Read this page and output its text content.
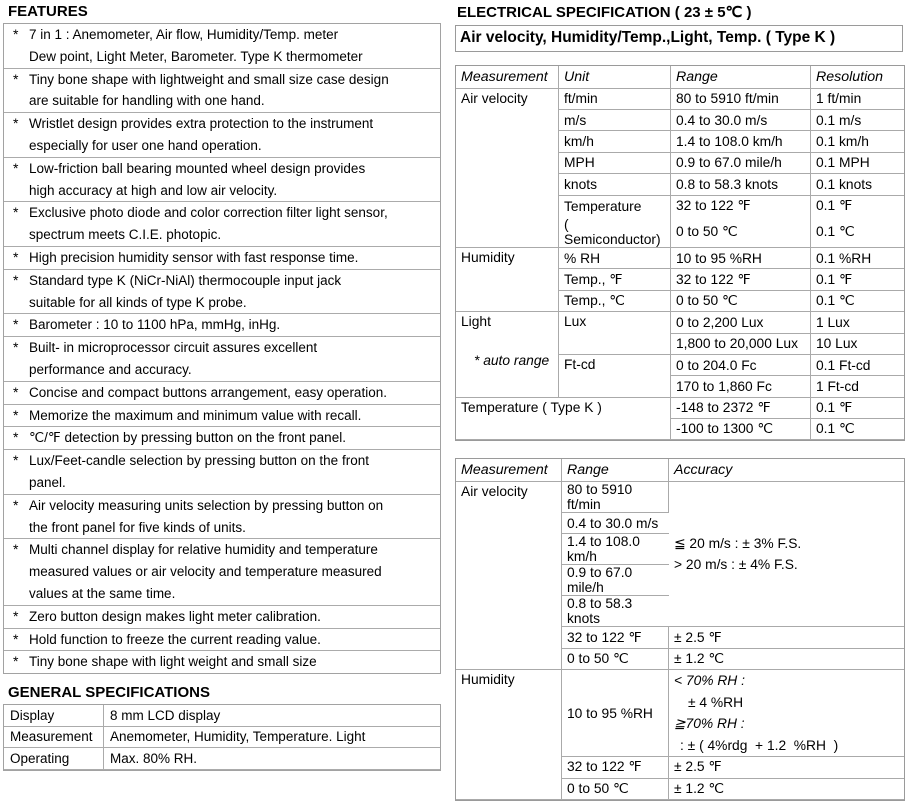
FEATURES
* 7 in 1 : Anemometer, Air flow, Humidity/Temp. meter
Dew point, Light Meter, Barometer. Type K thermometer
* Tiny bone shape with lightweight and small size case design
are suitable for handling with one hand.
* Wristlet design provides extra protection to the instrument
especially for user one hand operation.
* Low-friction ball bearing mounted wheel design provides
high accuracy at high and low air velocity.
* Exclusive photo diode and color correction filter light sensor,
spectrum meets C.I.E. photopic.
* High precision humidity sensor with fast response time.
* Standard type K (NiCr-NiAl) thermocouple input jack
suitable for all kinds of type K probe.
* Barometer : 10 to 1100 hPa, mmHg, inHg.
* Built- in microprocessor circuit assures excellent
performance and accuracy.
* Concise and compact buttons arrangement, easy operation.
* Memorize the maximum and minimum value with recall.
* ℃/℉ detection by pressing button on the front panel.
* Lux/Feet-candle selection by pressing button on the front
panel.
* Air velocity measuring units selection by pressing button on
the front panel for five kinds of units.
* Multi channel display for relative humidity and temperature
measured values or air velocity and temperature measured
values at the same time.
* Zero button design makes light meter calibration.
* Hold function to freeze the current reading value.
* Tiny bone shape with light weight and small size
GENERAL SPECIFICATIONS
Display	8 mm LCD display
Measurement	Anemometer, Humidity, Temperature. Light
Operating	Max. 80% RH.
ELECTRICAL SPECIFICATION ( 23 ± 5℃ )
Air velocity, Humidity/Temp.,Light, Temp. ( Type K )
Measurement	Unit	Range	Resolution
Air velocity	ft/min	80 to 5910 ft/min	1 ft/min
	m/s	0.4 to 30.0 m/s	0.1 m/s
	km/h	1.4 to 108.0 km/h	0.1 km/h
	MPH	0.9 to 67.0 mile/h	0.1 MPH
	knots	0.8 to 58.3 knots	0.1 knots
	Temperature	32 to 122 ℉	0.1 ℉
	( Semiconductor)	0 to 50 ℃	0.1 ℃
Humidity	% RH	10 to 95 %RH	0.1 %RH
	Temp., ℉	32 to 122 ℉	0.1 ℉
	Temp., ℃	0 to 50 ℃	0.1 ℃

Light
* auto range	Lux	0 to 2,200 Lux	1 Lux
		1,800 to 20,000 Lux	10 Lux
	Ft-cd	0 to 204.0 Fc	0.1 Ft-cd
		170 to 1,860 Fc	1 Ft-cd
Temperature ( Type K )		-148 to 2372 ℉	0.1 ℉
		-100 to 1300 ℃	0.1 ℃
Measurement	Range	Accuracy
Air velocity	80 to 5910 ft/min	≦ 20 m/s : ± 3% F.S.
> 20 m/s : ± 4% F.S.

	0.4 to 30.0 m/s	
	1.4 to 108.0 km/h	
	0.9 to 67.0 mile/h	
	0.8 to 58.3 knots	
	32 to 122 ℉	± 2.5 ℉
	0 to 50 ℃	± 1.2 ℃
Humidity	10 to 95 %RH	< 70% RH :
± 4 %RH
≧70% RH :
: ± ( 4%rdg  + 1.2  %RH  )

	32 to 122 ℉	± 2.5 ℉
	0 to 50 ℃	± 1.2 ℃
